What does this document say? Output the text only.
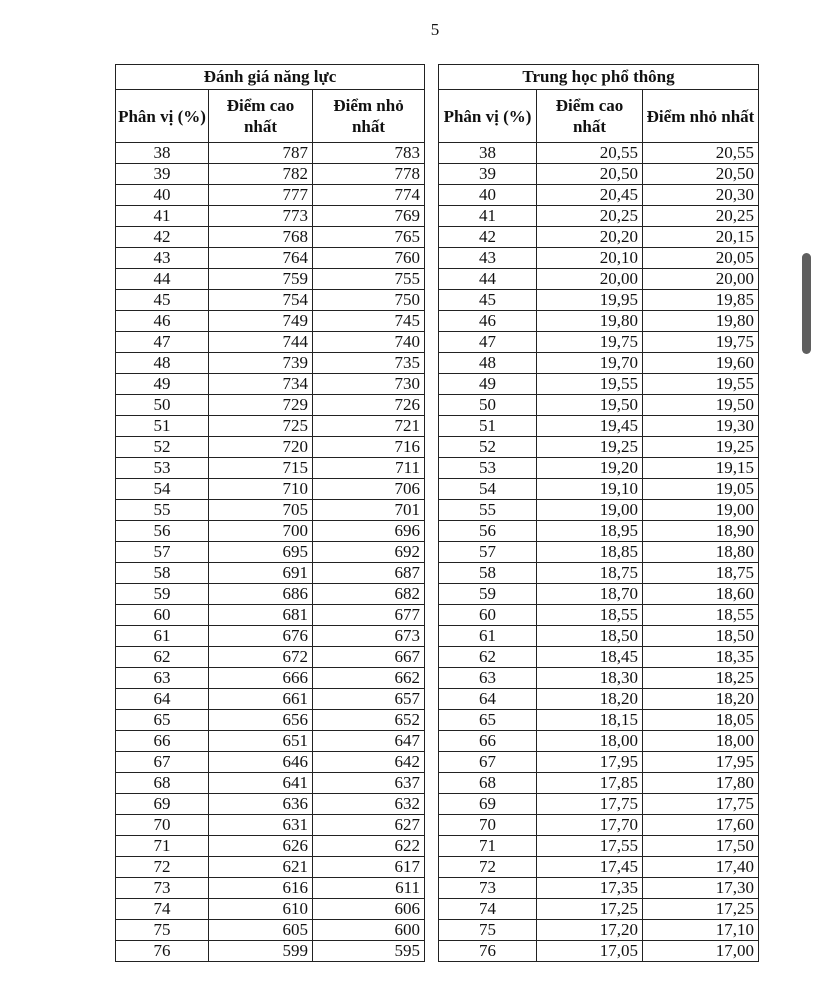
5
Đánh giá năng lực		
Phân vị (%)	Điểm cao nhất	Điểm nhỏ nhất
38	787	783
39	782	778
40	777	774
41	773	769
42	768	765
43	764	760
44	759	755
45	754	750
46	749	745
47	744	740
48	739	735
49	734	730
50	729	726
51	725	721
52	720	716
53	715	711
54	710	706
55	705	701
56	700	696
57	695	692
58	691	687
59	686	682
60	681	677
61	676	673
62	672	667
63	666	662
64	661	657
65	656	652
66	651	647
67	646	642
68	641	637
69	636	632
70	631	627
71	626	622
72	621	617
73	616	611
74	610	606
75	605	600
76	599	595
Trung học phổ thông		
Phân vị (%)	Điểm cao nhất	Điểm nhỏ nhất
38	20,55	20,55
39	20,50	20,50
40	20,45	20,30
41	20,25	20,25
42	20,20	20,15
43	20,10	20,05
44	20,00	20,00
45	19,95	19,85
46	19,80	19,80
47	19,75	19,75
48	19,70	19,60
49	19,55	19,55
50	19,50	19,50
51	19,45	19,30
52	19,25	19,25
53	19,20	19,15
54	19,10	19,05
55	19,00	19,00
56	18,95	18,90
57	18,85	18,80
58	18,75	18,75
59	18,70	18,60
60	18,55	18,55
61	18,50	18,50
62	18,45	18,35
63	18,30	18,25
64	18,20	18,20
65	18,15	18,05
66	18,00	18,00
67	17,95	17,95
68	17,85	17,80
69	17,75	17,75
70	17,70	17,60
71	17,55	17,50
72	17,45	17,40
73	17,35	17,30
74	17,25	17,25
75	17,20	17,10
76	17,05	17,00
